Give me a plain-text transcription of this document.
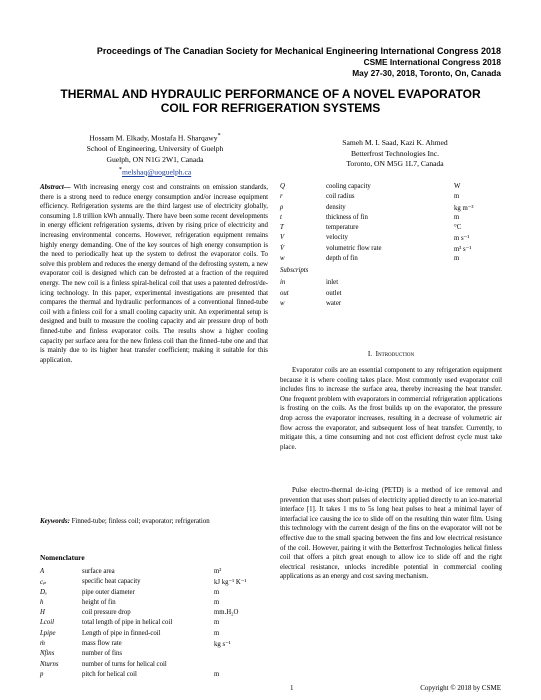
Proceedings of The Canadian Society for Mechanical Engineering International Congress 2018
CSME International Congress 2018
May 27-30, 2018, Toronto, On, Canada
THERMAL AND HYDRAULIC PERFORMANCE OF A NOVEL EVAPORATOR
COIL FOR REFRIGERATION SYSTEMS
Hossam M. Elkady, Mostafa H. Sharqawy*
School of Engineering, University of Guelph
Guelph, ON N1G 2W1, Canada
*melshaq@uoguelph.ca
Sameh M. I. Saad, Kazi K. Ahmed
Betterfrost Technologies Inc.
Toronto, ON M5G 1L7, Canada
Abstract— With increasing energy cost and constraints on emission standards, there is a strong need to reduce energy consumption and/or increase equipment efficiency. Refrigeration systems are the third largest use of electricity globally, consuming 1.8 trillion kWh annually. There have been some recent developments in energy efficient refrigeration systems, driven by rising price of electricity and increasing environmental concerns. However, refrigeration equipment remains highly energy demanding. One of the key sources of high energy consumption is the need to periodically heat up the system to defrost the evaporator coils. To solve this problem and reduces the energy demand of the defrosting system, a new evaporator coil is designed which can be defrosted at a fraction of the required energy. The new coil is a finless spiral-helical coil that uses a patented defrost/de-icing technology. In this paper, experimental investigations are presented that compares the thermal and hydraulic performances of a conventional finned-tube coil with a finless coil for a small cooling capacity unit. An experimental setup is designed and built to measure the cooling capacity and air pressure drop of both finned-tube and finless evaporator coils. The results show a higher cooling capacity per surface area for the new finless coil than the finned–tube one and that is mainly due to its higher heat transfer coefficient; making it suitable for this application.
Keywords: Finned-tube; finless coil; evaporator; refrigeration
Nomenclature
A	surface area	m²
cₚ	specific heat capacity	kJ kg⁻¹ K⁻¹
Dₒ	pipe outer diameter	m
h	height of fin	m
H	coil pressure drop	mm.H₂O
Lcoil	total length of pipe in helical coil	m
Lpipe	Length of pipe in finned-coil	m
ṁ	mass flow rate	kg s⁻¹
Nfins	number of fins	
Nturns	number of turns for helical coil	
p	pitch for helical coil	m
Q	cooling capacity	W
r	coil radius	m
ρ	density	kg m⁻³
t	thickness of fin	m
T	temperature	°C
V	velocity	m s⁻¹
V̇	volumetric flow rate	m³ s⁻¹
w	depth of fin	m
Subscripts
in	inlet
out	outlet
w	water
I. Introduction
Evaporator coils are an essential component to any refrigeration equipment because it is where cooling takes place. Most commonly used evaporator coil includes fins to increase the surface area, thereby increasing the heat transfer. One frequent problem with evaporators in commercial refrigeration applications is frosting on the coils. As the frost builds up on the evaporator, the pressure drop across the evaporator increases, resulting in a decrease of volumetric air flow across the evaporator, and subsequent loss of heat transfer. Currently, to mitigate this, a time consuming and not cost efficient defrost cycle must take place.
Pulse electro-thermal de-icing (PETD) is a method of ice removal and prevention that uses short pulses of electricity applied directly to an ice-material interface [1]. It takes 1 ms to 5s long heat pulses to heat a minimal layer of interfacial ice causing the ice to slide off on the resulting thin water film. Using this technology with the current design of the fins on the evaporator will not be effective due to the small spacing between the fins and low electrical resistance of the coil. However, pairing it with the Betterfrost Technologies helical finless coil that offers a pitch great enough to allow ice to slide off and the right electrical resistance, unlocks incredible potential in commercial cooling applications as an energy and cost saving mechanism.
1	Copyright © 2018 by CSME
